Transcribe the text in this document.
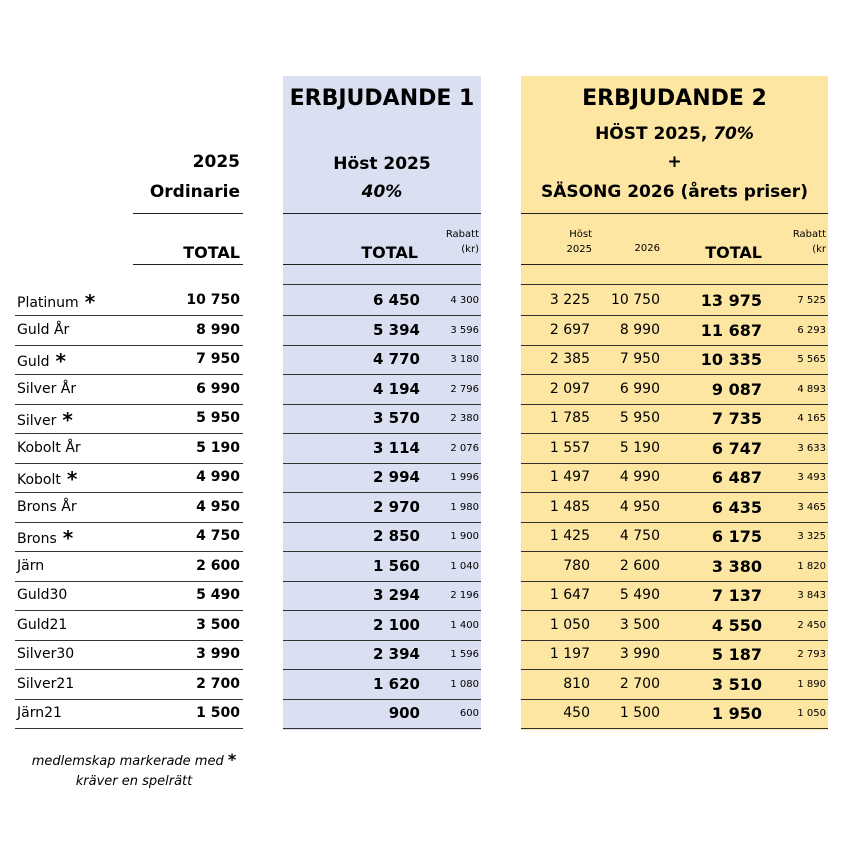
2025
Ordinarie
TOTAL
ERBJUDANDE 1
Höst 2025
40%
TOTAL
Rabatt
(kr)
ERBJUDANDE 2
HÖST 2025, 70%
+
SÄSONG 2026 (årets priser)
Höst
2025	2026	TOTAL
Rabatt
(kr
Platinum *	10 750	6 450	4 300	3 225	10 750	13 975	7 525
Guld År	8 990	5 394	3 596	2 697	8 990	11 687	6 293
Guld *	7 950	4 770	3 180	2 385	7 950	10 335	5 565
Silver År	6 990	4 194	2 796	2 097	6 990	9 087	4 893
Silver *	5 950	3 570	2 380	1 785	5 950	7 735	4 165
Kobolt År	5 190	3 114	2 076	1 557	5 190	6 747	3 633
Kobolt *	4 990	2 994	1 996	1 497	4 990	6 487	3 493
Brons År	4 950	2 970	1 980	1 485	4 950	6 435	3 465
Brons *	4 750	2 850	1 900	1 425	4 750	6 175	3 325
Järn	2 600	1 560	1 040	780	2 600	3 380	1 820
Guld30	5 490	3 294	2 196	1 647	5 490	7 137	3 843
Guld21	3 500	2 100	1 400	1 050	3 500	4 550	2 450
Silver30	3 990	2 394	1 596	1 197	3 990	5 187	2 793
Silver21	2 700	1 620	1 080	810	2 700	3 510	1 890
Järn21	1 500	900	600	450	1 500	1 950	1 050
medlemskap markerade med *
kräver en spelrätt
